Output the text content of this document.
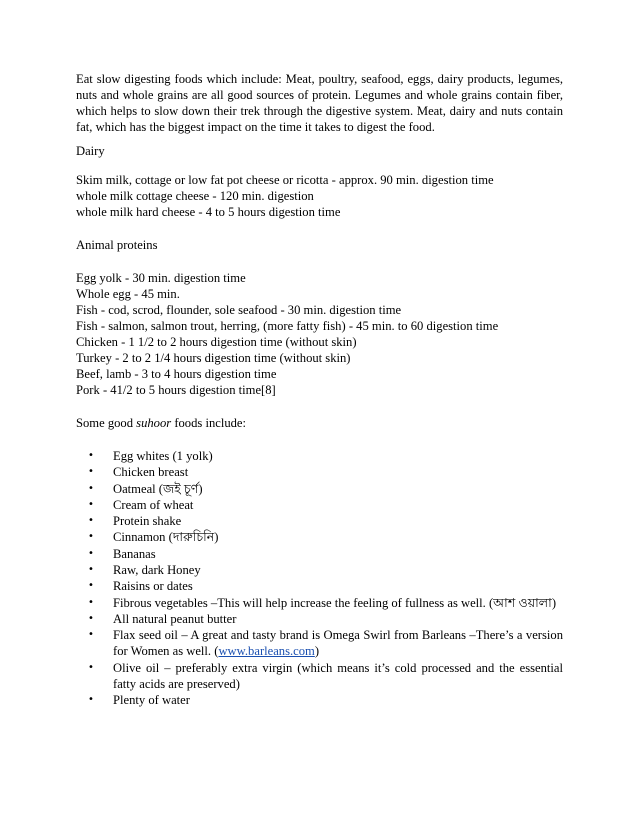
Eat slow digesting foods which include: Meat, poultry, seafood, eggs, dairy products, legumes, nuts and whole grains are all good sources of protein. Legumes and whole grains contain fiber, which helps to slow down their trek through the digestive system. Meat, dairy and nuts contain fat, which has the biggest impact on the time it takes to digest the food.

Dairy

Skim milk, cottage or low fat pot cheese or ricotta - approx. 90 min. digestion time

whole milk cottage cheese - 120 min. digestion

whole milk hard cheese - 4 to 5 hours digestion time

Animal proteins

Egg yolk - 30 min. digestion time

Whole egg - 45 min.

Fish - cod, scrod, flounder, sole seafood - 30 min. digestion time

Fish - salmon, salmon trout, herring, (more fatty fish) - 45 min. to 60 digestion time

Chicken - 1 1/2 to 2 hours digestion time (without skin)

Turkey - 2 to 2 1/4 hours digestion time (without skin)

Beef, lamb - 3 to 4 hours digestion time

Pork - 41/2 to 5 hours digestion time[8]

Some good suhoor foods include:

• Egg whites (1 yolk)
• Chicken breast
• Oatmeal (জই চূর্ণ)
• Cream of wheat
• Protein shake
• Cinnamon (দারুচিনি)
• Bananas
• Raw, dark Honey
• Raisins or dates
• Fibrous vegetables –This will help increase the feeling of fullness as well. (আশ ওয়ালা)
• All natural peanut butter
• Flax seed oil – A great and tasty brand is Omega Swirl from Barleans –There’s a version for Women as well. (www.barleans.com)
• Olive oil – preferably extra virgin (which means it’s cold processed and the essential fatty acids are preserved)
• Plenty of water
